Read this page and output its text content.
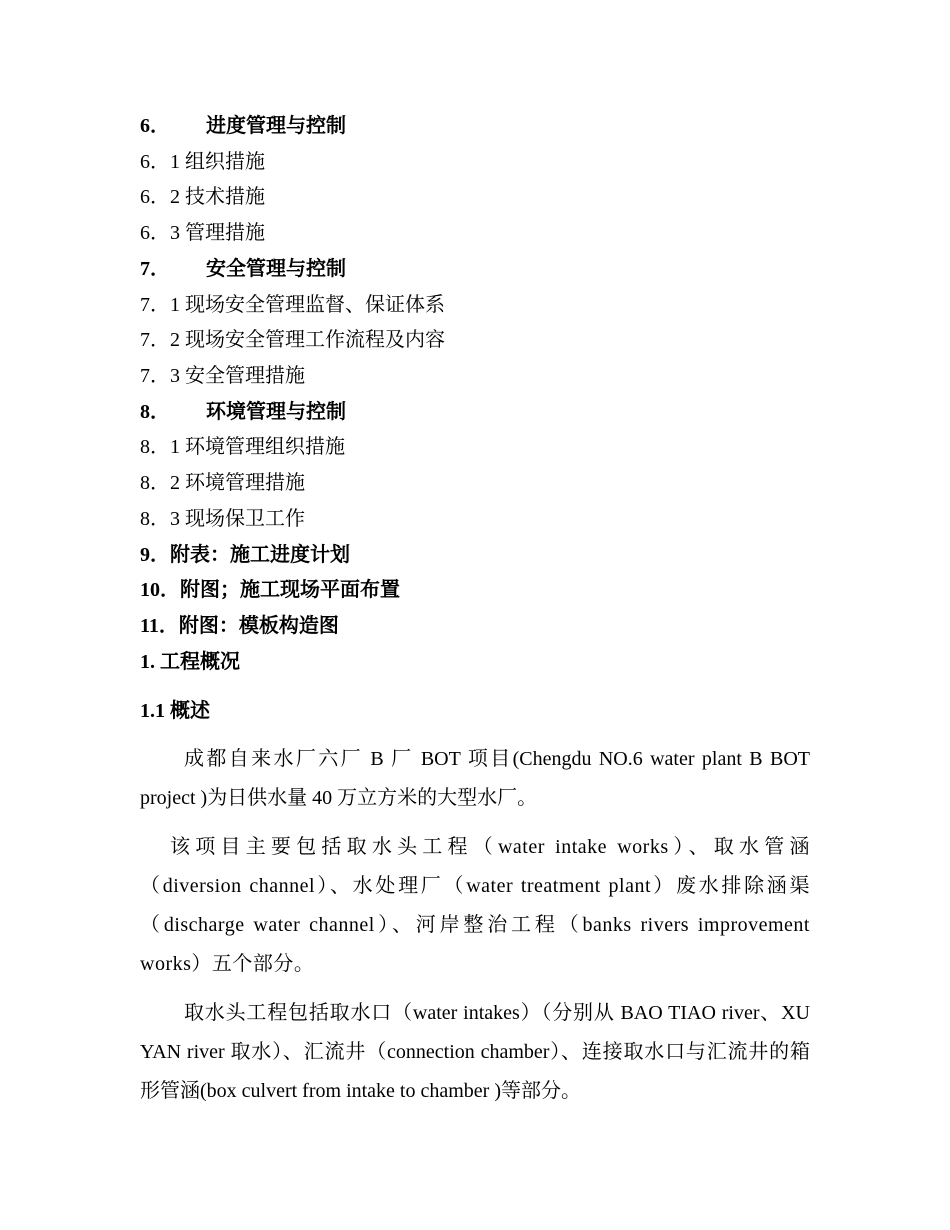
6． 进度管理与控制
6．1 组织措施
6．2 技术措施
6．3 管理措施
7． 安全管理与控制
7．1 现场安全管理监督、保证体系
7．2 现场安全管理工作流程及内容
7．3 安全管理措施
8． 环境管理与控制
8．1 环境管理组织措施
8．2 环境管理措施
8．3 现场保卫工作
9．附表：施工进度计划
10．附图；施工现场平面布置
11．附图：模板构造图
1. 工程概况
1.1 概述

成都自来水厂六厂 B 厂 BOT 项目(Chengdu NO.6 water plant B BOT project )为日供水量 40 万立方米的大型水厂。

该项目主要包括取水头工程（water intake works）、取水管涵（diversion channel）、水处理厂（water treatment plant）废水排除涵渠（discharge water channel）、河岸整治工程（banks rivers improvement works）五个部分。

取水头工程包括取水口（water intakes）（分别从 BAO TIAO river、XU YAN river 取水）、汇流井（connection chamber）、连接取水口与汇流井的箱形管涵(box culvert from intake to chamber )等部分。
